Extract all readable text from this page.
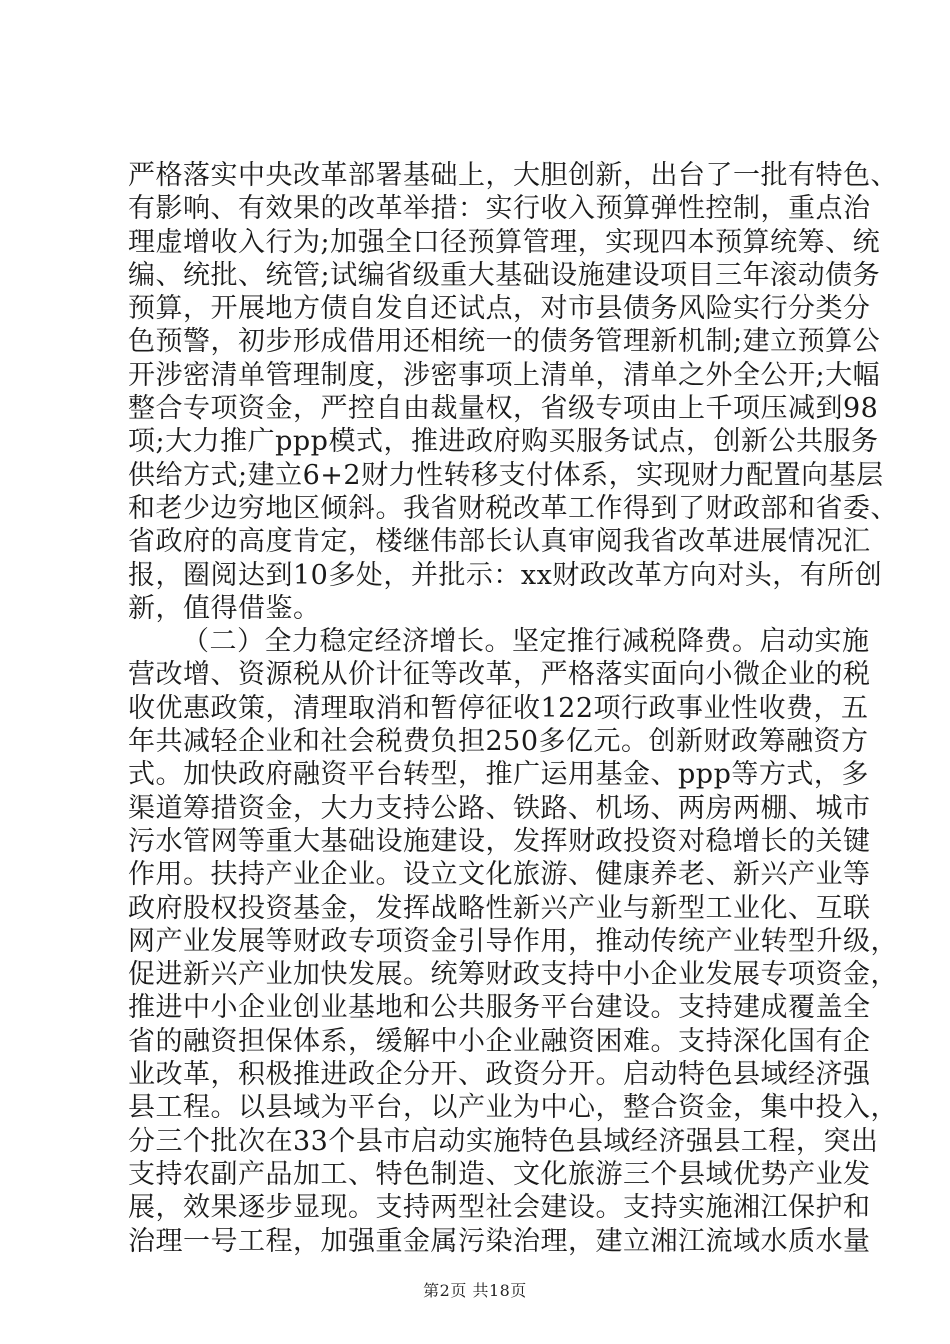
严格落实中央改革部署基础上，大胆创新，出台了一批有特色、
有影响、有效果的改革举措：实行收入预算弹性控制，重点治
理虚增收入行为;加强全口径预算管理，实现四本预算统筹、统
编、统批、统管;试编省级重大基础设施建设项目三年滚动债务
预算，开展地方债自发自还试点，对市县债务风险实行分类分
色预警，初步形成借用还相统一的债务管理新机制;建立预算公
开涉密清单管理制度，涉密事项上清单，清单之外全公开;大幅
整合专项资金，严控自由裁量权，省级专项由上千项压减到98
项;大力推广ppp模式，推进政府购买服务试点，创新公共服务
供给方式;建立6+2财力性转移支付体系，实现财力配置向基层
和老少边穷地区倾斜。我省财税改革工作得到了财政部和省委、
省政府的高度肯定，楼继伟部长认真审阅我省改革进展情况汇
报，圈阅达到10多处，并批示：xx财政改革方向对头，有所创
新，值得借鉴。
（二）全力稳定经济增长。坚定推行减税降费。启动实施
营改增、资源税从价计征等改革，严格落实面向小微企业的税
收优惠政策，清理取消和暂停征收122项行政事业性收费，五
年共减轻企业和社会税费负担250多亿元。创新财政筹融资方
式。加快政府融资平台转型，推广运用基金、ppp等方式，多
渠道筹措资金，大力支持公路、铁路、机场、两房两棚、城市
污水管网等重大基础设施建设，发挥财政投资对稳增长的关键
作用。扶持产业企业。设立文化旅游、健康养老、新兴产业等
政府股权投资基金，发挥战略性新兴产业与新型工业化、互联
网产业发展等财政专项资金引导作用，推动传统产业转型升级，
促进新兴产业加快发展。统筹财政支持中小企业发展专项资金，
推进中小企业创业基地和公共服务平台建设。支持建成覆盖全
省的融资担保体系，缓解中小企业融资困难。支持深化国有企
业改革，积极推进政企分开、政资分开。启动特色县域经济强
县工程。以县域为平台，以产业为中心，整合资金，集中投入，
分三个批次在33个县市启动实施特色县域经济强县工程，突出
支持农副产品加工、特色制造、文化旅游三个县域优势产业发
展，效果逐步显现。支持两型社会建设。支持实施湘江保护和
治理一号工程，加强重金属污染治理，建立湘江流域水质水量
第2页 共18页
